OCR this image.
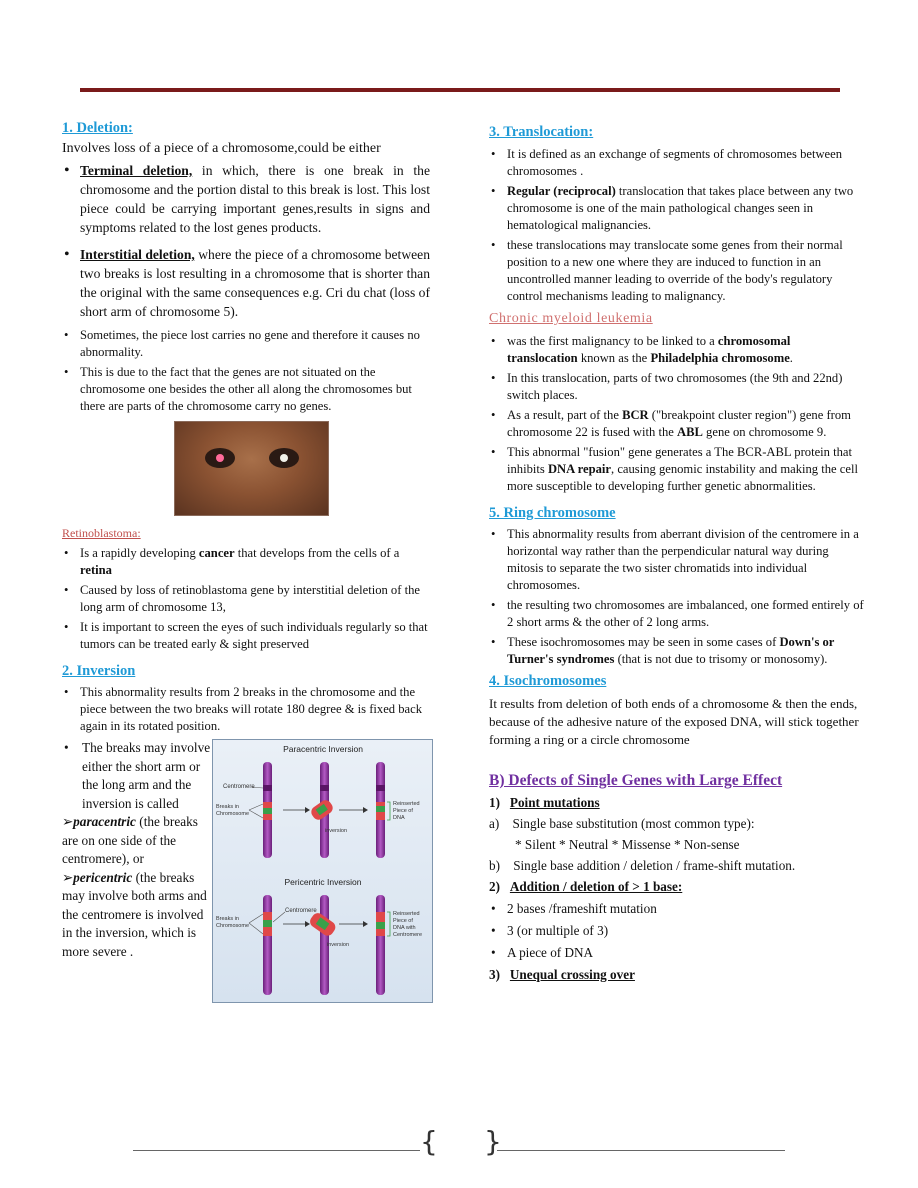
1. Deletion:

Involves loss of a piece of a chromosome,could be either

• Terminal deletion, in which, there is one break in the chromosome and the portion distal to this break is lost. This lost piece could be carrying important genes,results in signs and symptoms related to the lost genes products.
• Interstitial deletion, where the piece of a chromosome between two breaks is lost resulting in a chromosome that is shorter than the original with the same consequences e.g. Cri du chat (loss of short arm of chromosome 5).
• Sometimes, the piece lost carries no gene and therefore it causes no abnormality.
• This is due to the fact that the genes are not situated on the chromosome one besides the other all along the chromosomes but there are parts of the chromosome carry no genes.
Retinoblastoma:
• Is a rapidly developing cancer that develops from the cells of a retina
• Caused by loss of retinoblastoma gene by interstitial deletion of the long arm of chromosome 13,
• It is important to screen the eyes of such individuals regularly so that tumors can be treated early & sight preserved
2. Inversion
• This abnormality results from 2 breaks in the chromosome and the piece between the two breaks will rotate 180 degree & is fixed back again in its rotated position.
•	The breaks may involve either the short arm or the long arm and the inversion is called
➢paracentric (the breaks are on one side of the centromere), or
➢pericentric (the breaks may involve both arms and the centromere is involved in the inversion, which is more severe .
Paracentric Inversion
Centromere
Breaks in
Chromosome
inversion
Reinserted
Piece of
DNA
Pericentric Inversion
Centromere
Breaks in
Chromosome
inversion
Reinserted
Piece of
DNA with
Centromere
3. Translocation:
• It is defined as an exchange of segments of chromosomes between chromosomes .
• Regular (reciprocal) translocation that takes place between any two chromosome is one of the main pathological changes seen in hematological malignancies.
• these translocations may translocate some genes from their normal position to a new one where they are induced to function in an uncontrolled manner leading to override of the body's regulatory control mechanisms leading to malignancy.
Chronic myeloid leukemia
• was the first malignancy to be linked to a chromosomal translocation known as the Philadelphia chromosome.
• In this translocation, parts of two chromosomes (the 9th and 22nd) switch places.
• As a result, part of the BCR ("breakpoint cluster region") gene from chromosome 22 is fused with the ABL gene on chromosome 9.
• This abnormal "fusion" gene generates a The BCR-ABL protein that inhibits DNA repair, causing genomic instability and making the cell more susceptible to developing further genetic abnormalities.
5. Ring chromosome
• This abnormality results from aberrant division of the centromere in a horizontal way rather than the perpendicular natural way during mitosis to separate the two sister chromatids into individual chromosomes.
• the resulting two chromosomes are imbalanced, one formed entirely of 2 short arms & the other of 2 long arms.
• These isochromosomes may be seen in some cases of Down's or Turner's syndromes (that is not due to trisomy or monosomy).
4. Isochromosomes

It results from deletion of both ends of a chromosome & then the ends, because of the adhesive nature of the exposed DNA, will stick together forming a ring or a circle chromosome

B) Defects of Single Genes with Large Effect
1) Point mutations
a) Single base substitution (most common type):
* Silent * Neutral * Missense * Non-sense
b) Single base addition / deletion / frame-shift mutation.
2) Addition / deletion of > 1 base:
• 2 bases /frameshift mutation
• 3 (or multiple of 3)
• A piece of DNA
3) Unequal crossing over
{ }
